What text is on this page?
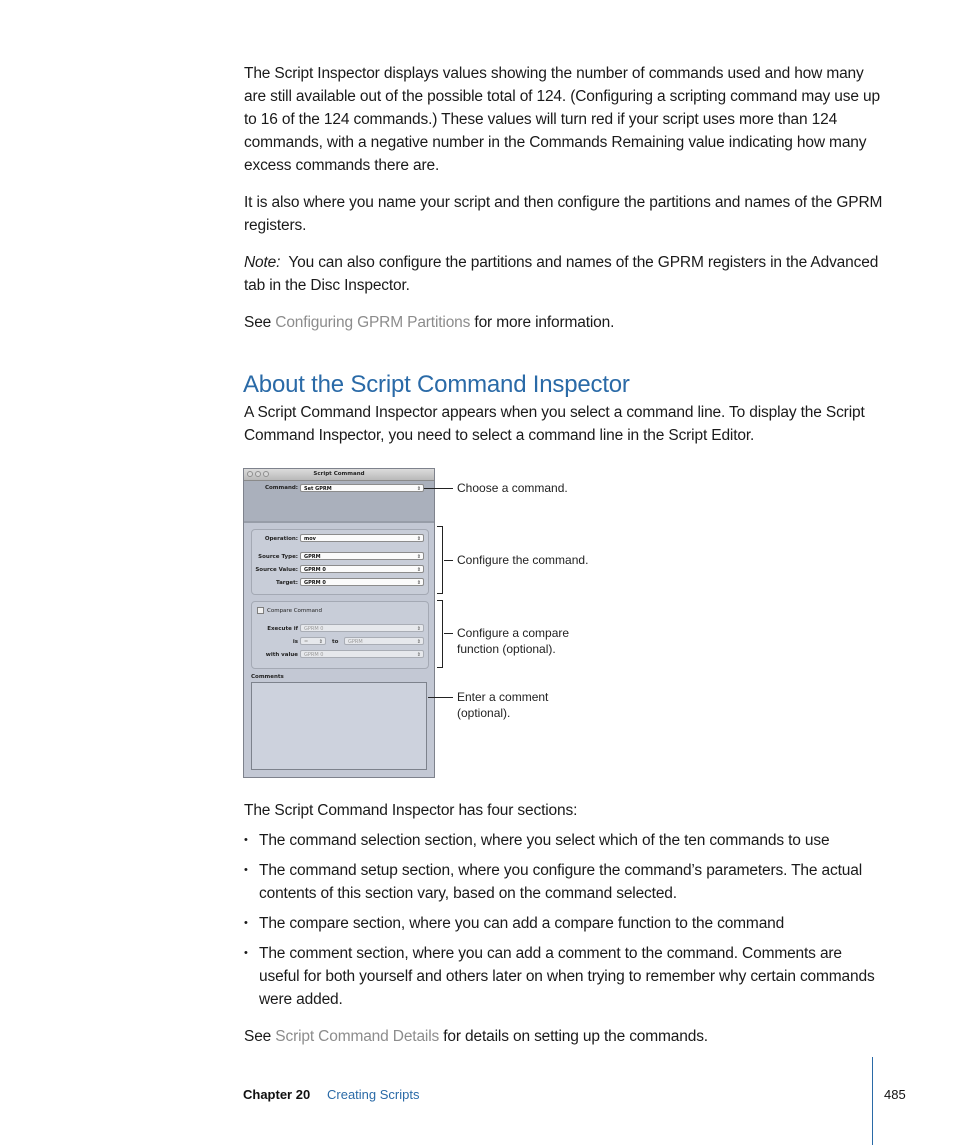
The Script Inspector displays values showing the number of commands used and how many are still available out of the possible total of 124. (Configuring a scripting command may use up to 16 of the 124 commands.) These values will turn red if your script uses more than 124 commands, with a negative number in the Commands Remaining value indicating how many excess commands there are.

It is also where you name your script and then configure the partitions and names of the GPRM registers.

Note:  You can also configure the partitions and names of the GPRM registers in the Advanced tab in the Disc Inspector.

See Configuring GPRM Partitions for more information.

About the Script Command Inspector
A Script Command Inspector appears when you select a command line. To display the Script Command Inspector, you need to select a command line in the Script Editor.
Script Command
Command:	Set GPRM	⇕
Operation:	mov	⇕
Source Type:	GPRM	⇕
Source Value:	GPRM 0	⇕
Target:	GPRM 0	⇕
Compare Command
Execute if	GPRM 0	⇕
is	= ⇕ to	GPRM	⇕
with value	GPRM 0	⇕
Comments
Choose a command.
Configure the command.
Configure a compare
function (optional).
Enter a comment
(optional).

The Script Command Inspector has four sections:

• The command selection section, where you select which of the ten commands to use
• The command setup section, where you configure the command’s parameters. The actual contents of this section vary, based on the command selected.
• The compare section, where you can add a compare function to the command
• The comment section, where you can add a comment to the command. Comments are useful for both yourself and others later on when trying to remember why certain commands were added.

See Script Command Details for details on setting up the commands.

Chapter 20 Creating Scripts	485
